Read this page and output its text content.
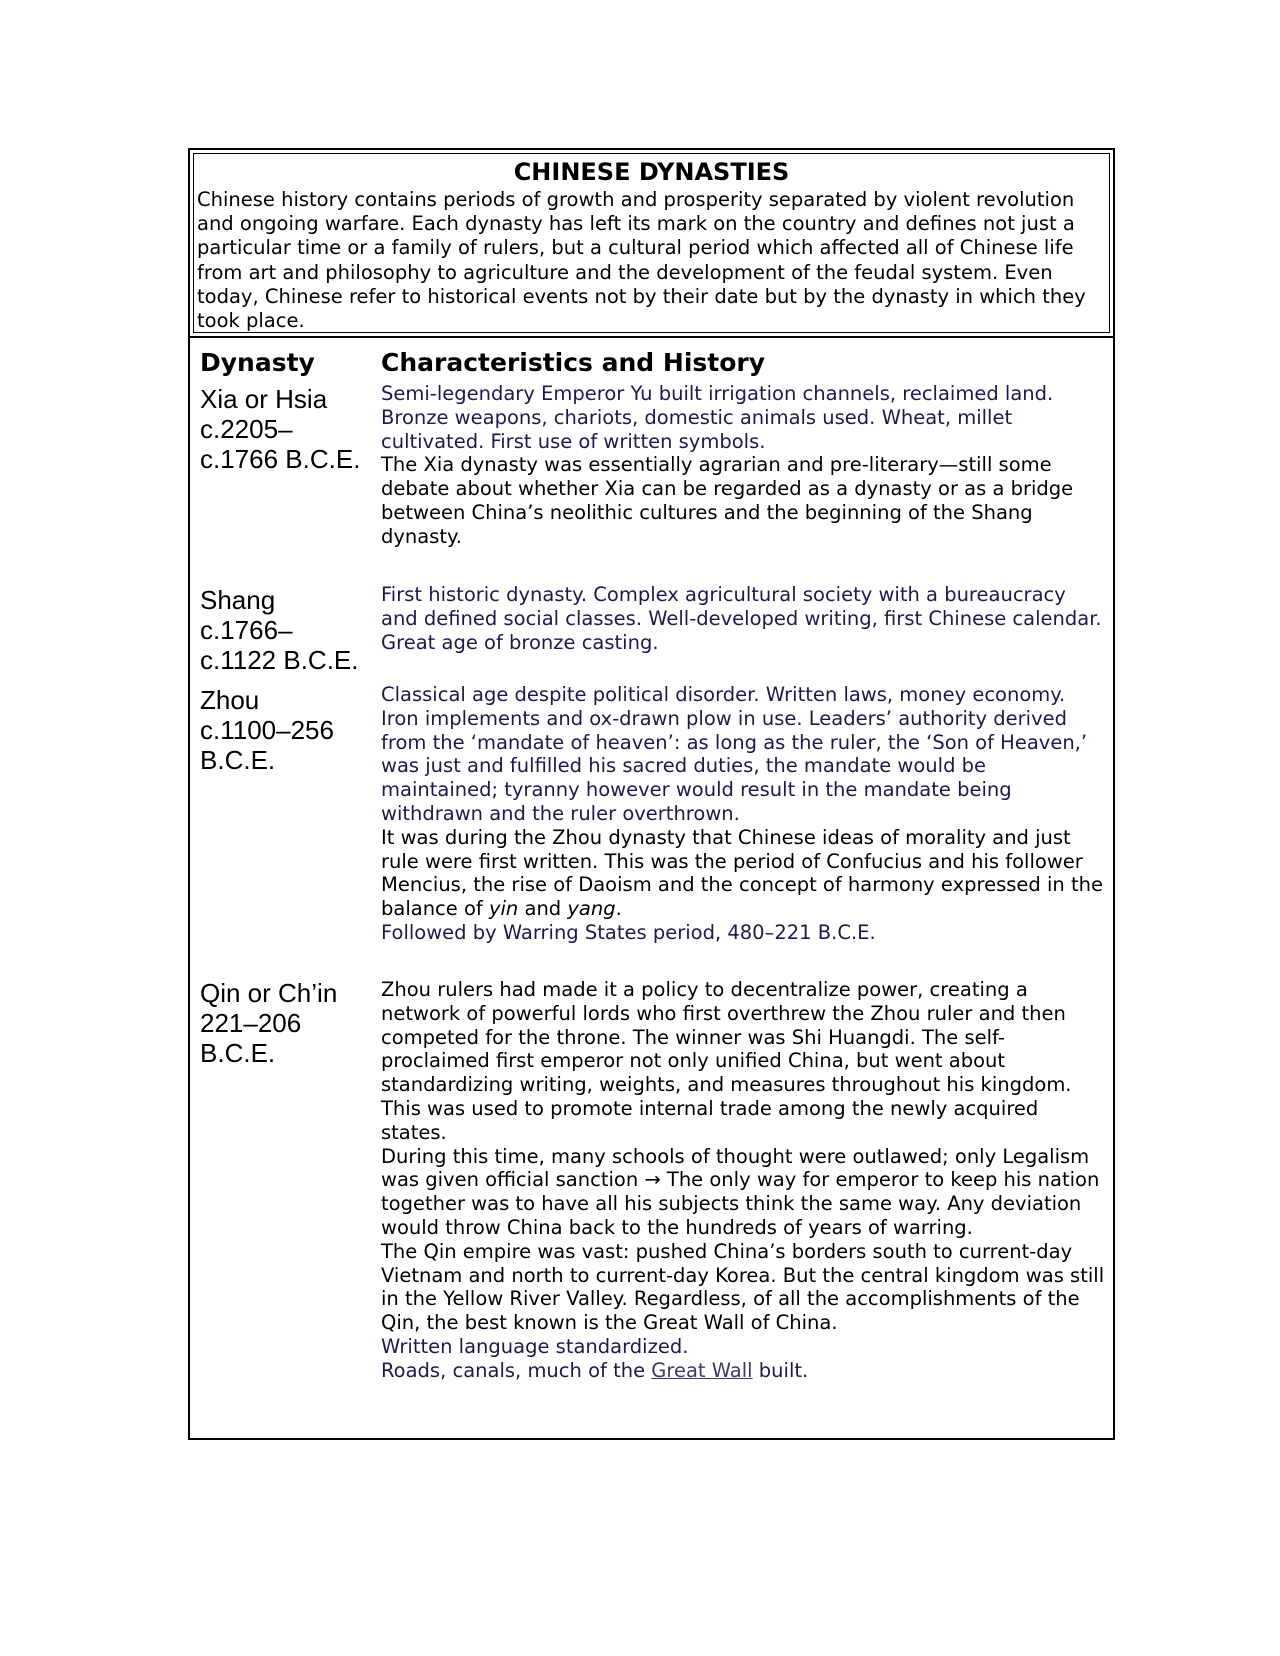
CHINESE DYNASTIES

Chinese history contains periods of growth and prosperity separated by violent revolution and ongoing warfare. Each dynasty has left its mark on the country and defines not just a particular time or a family of rulers, but a cultural period which affected all of Chinese life from art and philosophy to agriculture and the development of the feudal system. Even today, Chinese refer to historical events not by their date but by the dynasty in which they took place.

Dynasty	Characteristics and History
Xia or Hsia
c.2205–
c.1766 B.C.E.

Semi-legendary Emperor Yu built irrigation channels, reclaimed land. Bronze weapons, chariots, domestic animals used. Wheat, millet cultivated. First use of written symbols.

The Xia dynasty was essentially agrarian and pre-literary—still some debate about whether Xia can be regarded as a dynasty or as a bridge between China’s neolithic cultures and the beginning of the Shang dynasty.

Shang
c.1766–
c.1122 B.C.E.

First historic dynasty. Complex agricultural society with a bureaucracy and defined social classes. Well-developed writing, first Chinese calendar. Great age of bronze casting.

Zhou
c.1100–256
B.C.E.

Classical age despite political disorder. Written laws, money economy. Iron implements and ox-drawn plow in use. Leaders’ authority derived from the ‘mandate of heaven’: as long as the ruler, the ‘Son of Heaven,’ was just and fulfilled his sacred duties, the mandate would be maintained; tyranny however would result in the mandate being withdrawn and the ruler overthrown.

It was during the Zhou dynasty that Chinese ideas of morality and just rule were first written. This was the period of Confucius and his follower Mencius, the rise of Daoism and the concept of harmony expressed in the balance of yin and yang.

Followed by Warring States period, 480–221 B.C.E.

Qin or Ch’in
221–206
B.C.E.

Zhou rulers had made it a policy to decentralize power, creating a network of powerful lords who first overthrew the Zhou ruler and then competed for the throne. The winner was Shi Huangdi. The self-proclaimed first emperor not only unified China, but went about standardizing writing, weights, and measures throughout his kingdom. This was used to promote internal trade among the newly acquired states.

During this time, many schools of thought were outlawed; only Legalism was given official sanction → The only way for emperor to keep his nation together was to have all his subjects think the same way. Any deviation would throw China back to the hundreds of years of warring.

The Qin empire was vast: pushed China’s borders south to current-day Vietnam and north to current-day Korea. But the central kingdom was still in the Yellow River Valley. Regardless, of all the accomplishments of the Qin, the best known is the Great Wall of China.

Written language standardized.

Roads, canals, much of the Great Wall built.
